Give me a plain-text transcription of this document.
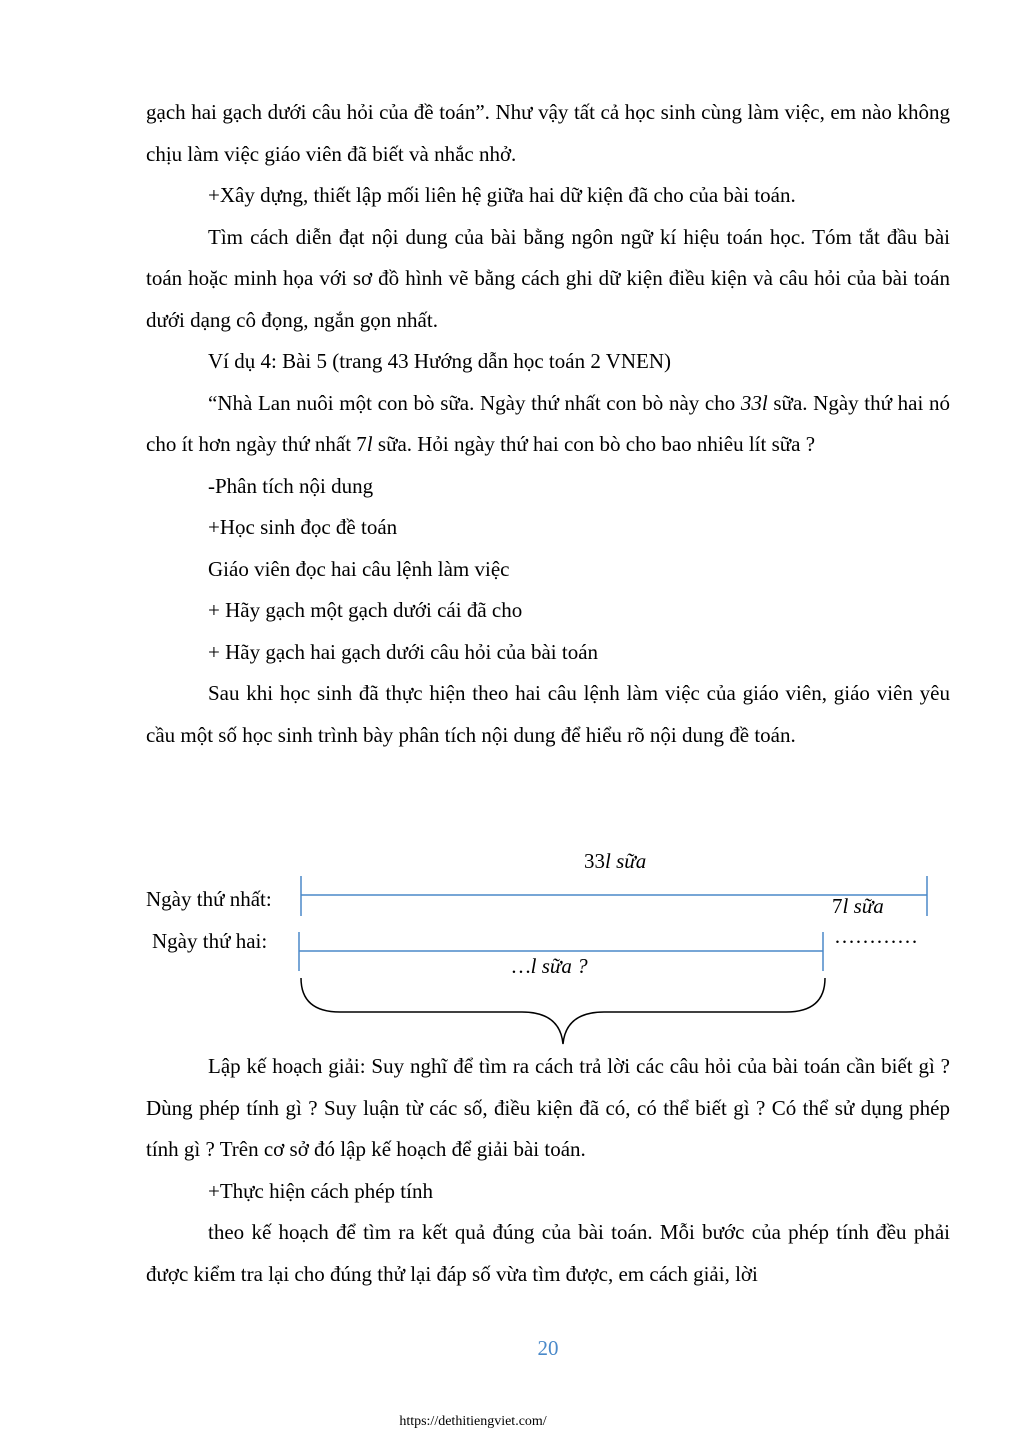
gạch hai gạch dưới câu hỏi của đề toán”. Như vậy tất cả học sinh cùng làm việc, em nào không chịu làm việc giáo viên đã biết và nhắc nhở.

+Xây dựng, thiết lập mối liên hệ giữa hai dữ kiện đã cho của bài toán.

Tìm cách diễn đạt nội dung của bài bằng ngôn ngữ kí hiệu toán học. Tóm tắt đầu bài toán hoặc minh họa với sơ đồ hình vẽ bằng cách ghi dữ kiện điều kiện và câu hỏi của bài toán dưới dạng cô đọng, ngắn gọn nhất.

Ví dụ 4: Bài 5 (trang 43 Hướng dẫn học toán 2 VNEN)

“Nhà Lan nuôi một con bò sữa. Ngày thứ nhất con bò này cho 33l sữa. Ngày thứ hai nó cho ít hơn ngày thứ nhất 7l sữa. Hỏi ngày thứ hai con bò cho bao nhiêu lít sữa ?

-Phân tích nội dung

+Học sinh đọc đề toán

Giáo viên đọc hai câu lệnh làm việc

+ Hãy gạch một gạch dưới cái đã cho

+ Hãy gạch hai gạch dưới câu hỏi của bài toán

Sau khi học sinh đã thực hiện theo hai câu lệnh làm việc của giáo viên, giáo viên yêu cầu một số học sinh trình bày phân tích nội dung để hiểu rõ nội dung đề toán.

33l sữa
Ngày thứ nhất:
Ngày thứ hai:
7l sữa
…………
…l sữa ?

Lập kế hoạch giải: Suy nghĩ để tìm ra cách trả lời các câu hỏi của bài toán cần biết gì ? Dùng phép tính gì ? Suy luận từ các số, điều kiện đã có, có thể biết gì ? Có thể sử dụng phép tính gì ? Trên cơ sở đó lập kế hoạch để giải bài toán.

+Thực hiện cách phép tính

theo kế hoạch để tìm ra kết quả đúng của bài toán. Mỗi bước của phép tính đều phải được kiểm tra lại cho đúng thử lại đáp số vừa tìm được, em cách giải, lời

20
https://dethitiengviet.com/
